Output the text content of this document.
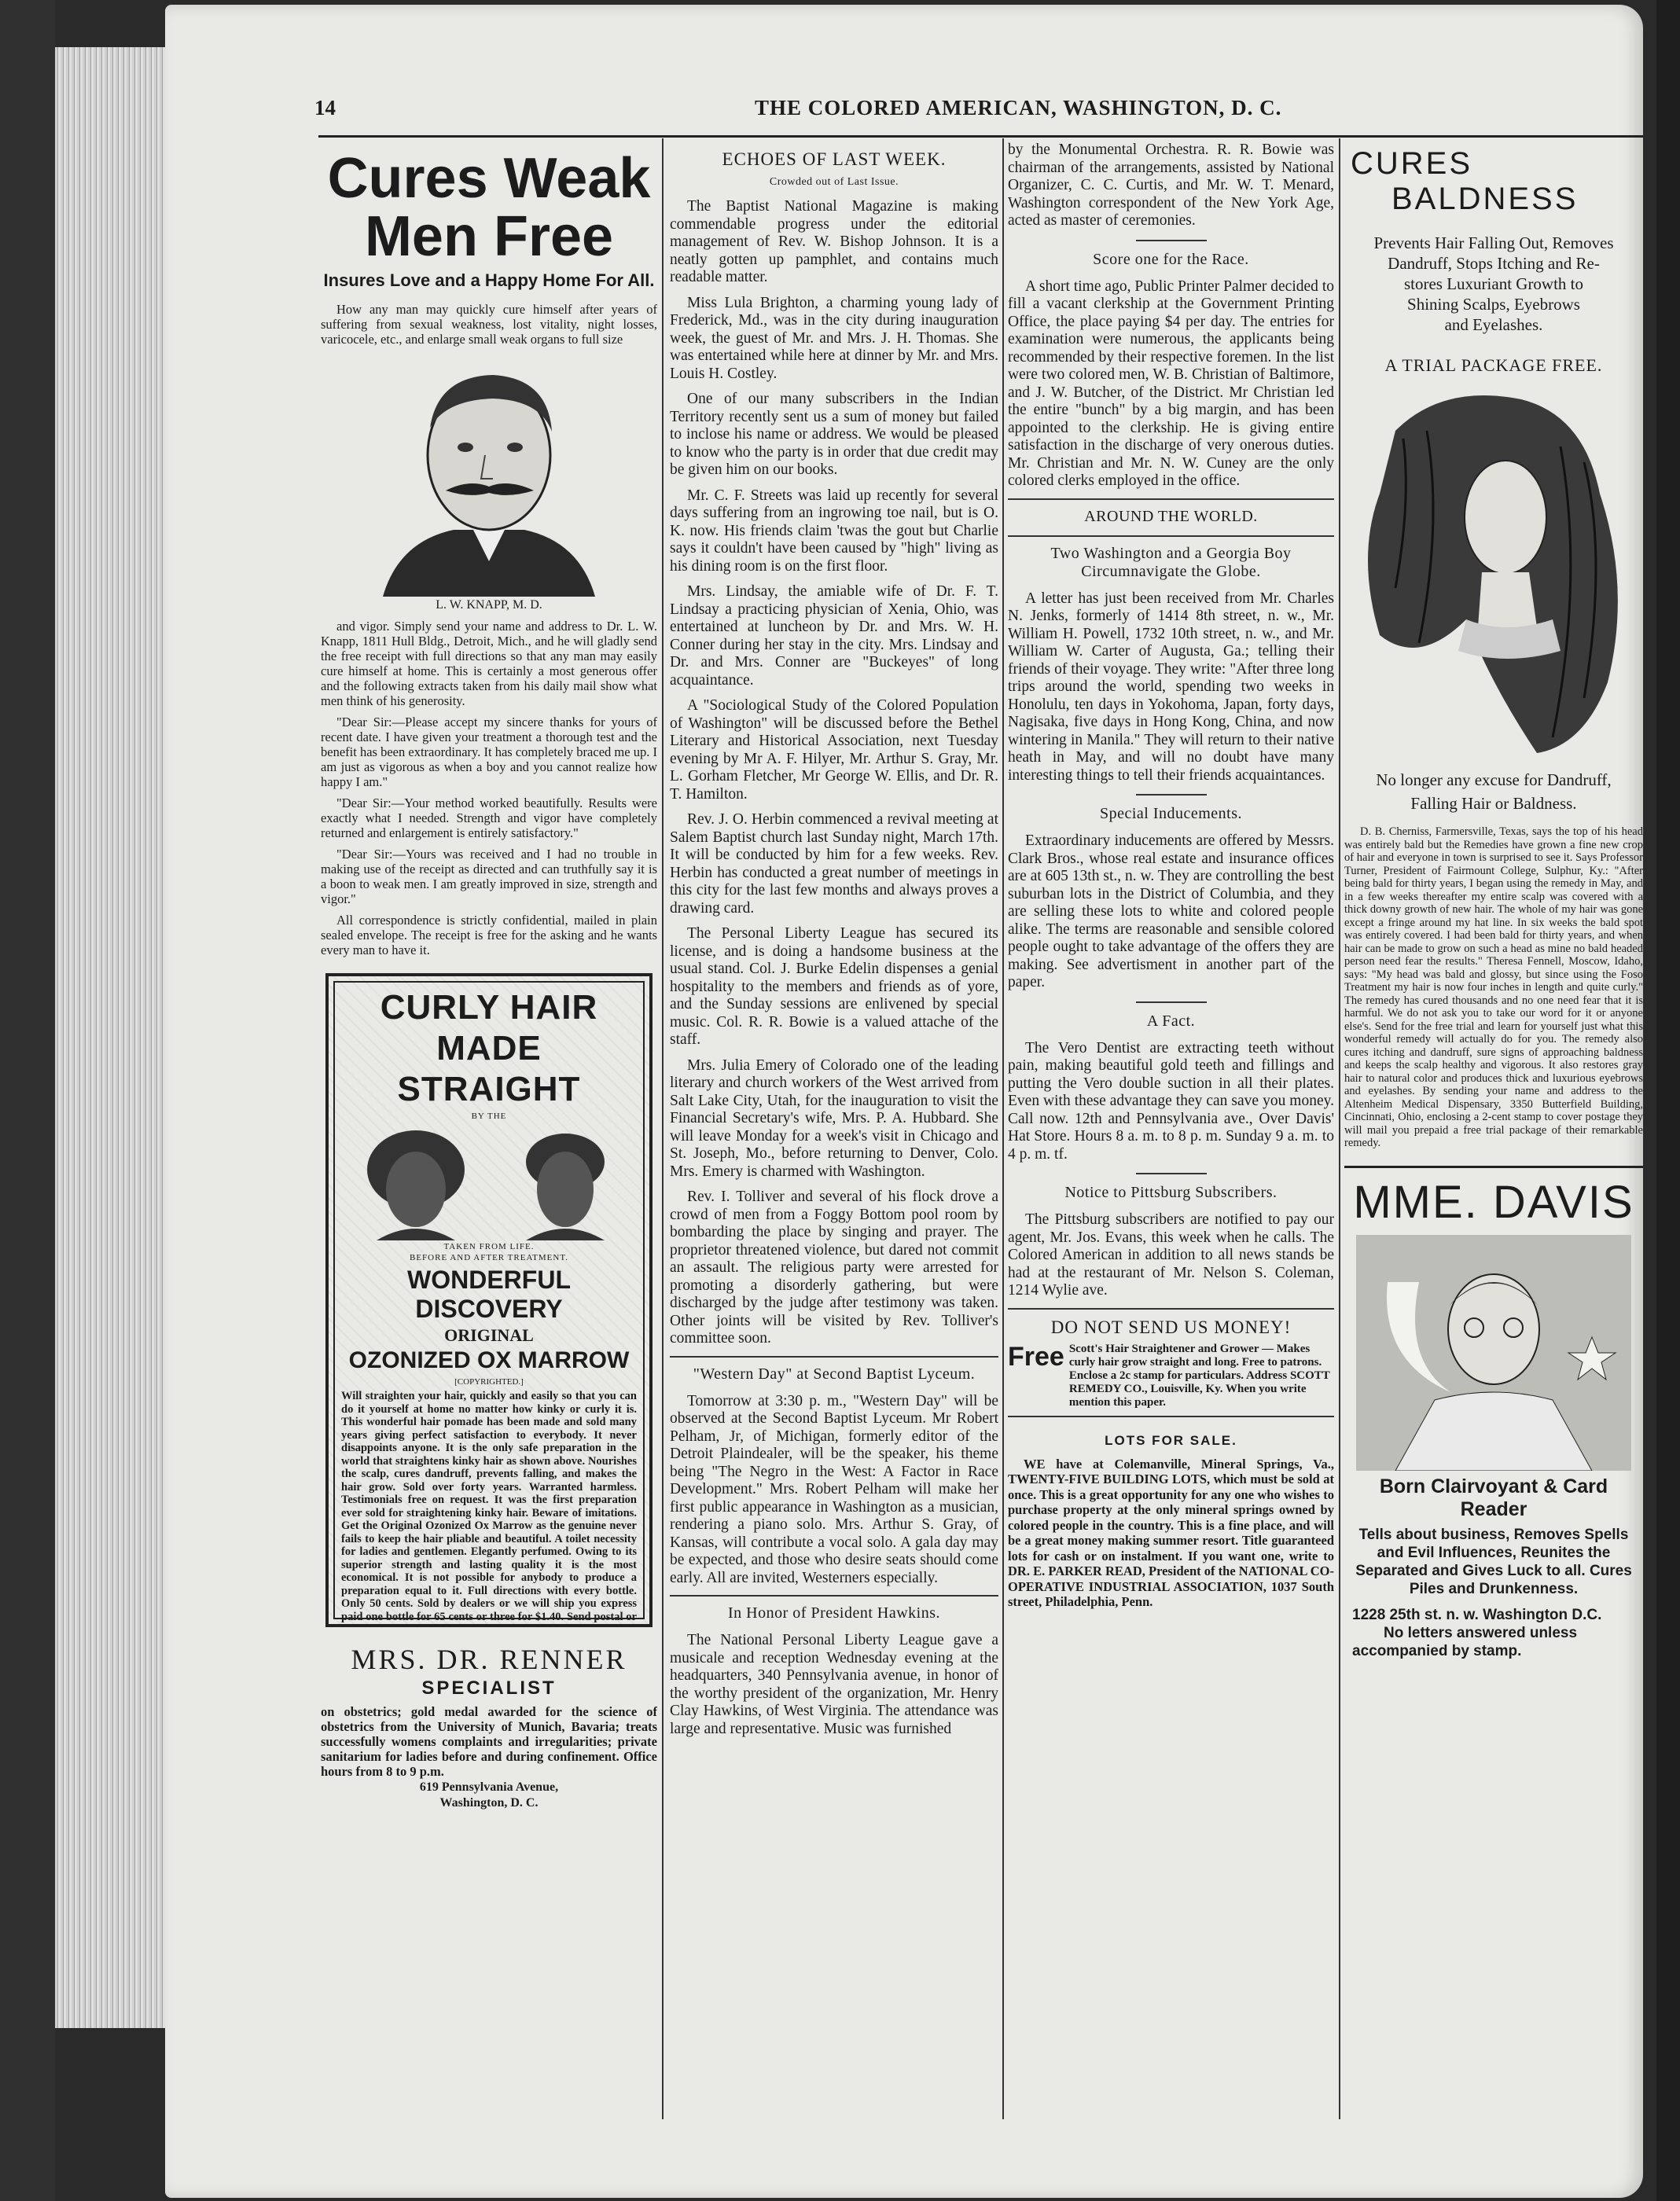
14	THE COLORED AMERICAN, WASHINGTON, D. C.
Cures Weak Men Free
Insures Love and a Happy Home For All.

How any man may quickly cure himself after years of suffering from sexual weakness, lost vitality, night losses, varicocele, etc., and enlarge small weak organs to full size

L. W. KNAPP, M. D.

and vigor. Simply send your name and address to Dr. L. W. Knapp, 1811 Hull Bldg., Detroit, Mich., and he will gladly send the free receipt with full directions so that any man may easily cure himself at home. This is certainly a most generous offer and the following extracts taken from his daily mail show what men think of his generosity.

"Dear Sir:—Please accept my sincere thanks for yours of recent date. I have given your treatment a thorough test and the benefit has been extraordinary. It has completely braced me up. I am just as vigorous as when a boy and you cannot realize how happy I am."

"Dear Sir:—Your method worked beautifully. Results were exactly what I needed. Strength and vigor have completely returned and enlargement is entirely satisfactory."

"Dear Sir:—Yours was received and I had no trouble in making use of the receipt as directed and can truthfully say it is a boon to weak men. I am greatly improved in size, strength and vigor."

All correspondence is strictly confidential, mailed in plain sealed envelope. The receipt is free for the asking and he wants every man to have it.

CURLY HAIR

MADE STRAIGHT

BY THE

TAKEN FROM LIFE.

BEFORE AND AFTER TREATMENT.

WONDERFUL DISCOVERY

ORIGINAL

OZONIZED OX MARROW

[COPYRIGHTED.]

Will straighten your hair, quickly and easily so that you can do it yourself at home no matter how kinky or curly it is. This wonderful hair pomade has been made and sold many years giving perfect satisfaction to everybody. It never disappoints anyone. It is the only safe preparation in the world that straightens kinky hair as shown above. Nourishes the scalp, cures dandruff, prevents falling, and makes the hair grow. Sold over forty years. Warranted harmless. Testimonials free on request. It was the first preparation ever sold for straightening kinky hair. Beware of imitations. Get the Original Ozonized Ox Marrow as the genuine never fails to keep the hair pliable and beautiful. A toilet necessity for ladies and gentlemen. Elegantly perfumed. Owing to its superior strength and lasting quality it is the most economical. It is not possible for anybody to produce a preparation equal to it. Full directions with every bottle. Only 50 cents. Sold by dealers or we will ship you express paid one bottle for 65 cents or three for $1.40. Send postal or

MRS. DR. RENNER
SPECIALIST

on obstetrics; gold medal awarded for the science of obstetrics from the University of Munich, Bavaria; treats successfully womens complaints and irregularities; private sanitarium for ladies before and during confinement. Office hours from 8 to 9 p.m.

619 Pennsylvania Avenue,

Washington, D. C.

ECHOES OF LAST WEEK.
Crowded out of Last Issue.

The Baptist National Magazine is making commendable progress under the editorial management of Rev. W. Bishop Johnson. It is a neatly gotten up pamphlet, and contains much readable matter.

Miss Lula Brighton, a charming young lady of Frederick, Md., was in the city during inauguration week, the guest of Mr. and Mrs. J. H. Thomas. She was entertained while here at dinner by Mr. and Mrs. Louis H. Costley.

One of our many subscribers in the Indian Territory recently sent us a sum of money but failed to inclose his name or address. We would be pleased to know who the party is in order that due credit may be given him on our books.

Mr. C. F. Streets was laid up recently for several days suffering from an ingrowing toe nail, but is O. K. now. His friends claim 'twas the gout but Charlie says it couldn't have been caused by "high" living as his dining room is on the first floor.

Mrs. Lindsay, the amiable wife of Dr. F. T. Lindsay a practicing physician of Xenia, Ohio, was entertained at luncheon by Dr. and Mrs. W. H. Conner during her stay in the city. Mrs. Lindsay and Dr. and Mrs. Conner are "Buckeyes" of long acquaintance.

A "Sociological Study of the Colored Population of Washington" will be discussed before the Bethel Literary and Historical Association, next Tuesday evening by Mr A. F. Hilyer, Mr. Arthur S. Gray, Mr. L. Gorham Fletcher, Mr George W. Ellis, and Dr. R. T. Hamilton.

Rev. J. O. Herbin commenced a revival meeting at Salem Baptist church last Sunday night, March 17th. It will be conducted by him for a few weeks. Rev. Herbin has conducted a great number of meetings in this city for the last few months and always proves a drawing card.

The Personal Liberty League has secured its license, and is doing a handsome business at the usual stand. Col. J. Burke Edelin dispenses a genial hospitality to the members and friends as of yore, and the Sunday sessions are enlivened by special music. Col. R. R. Bowie is a valued attache of the staff.

Mrs. Julia Emery of Colorado one of the leading literary and church workers of the West arrived from Salt Lake City, Utah, for the inauguration to visit the Financial Secretary's wife, Mrs. P. A. Hubbard. She will leave Monday for a week's visit in Chicago and St. Joseph, Mo., before returning to Denver, Colo. Mrs. Emery is charmed with Washington.

Rev. I. Tolliver and several of his flock drove a crowd of men from a Foggy Bottom pool room by bombarding the place by singing and prayer. The proprietor threatened violence, but dared not commit an assault. The religious party were arrested for promoting a disorderly gathering, but were discharged by the judge after testimony was taken. Other joints will be visited by Rev. Tolliver's committee soon.

"Western Day" at Second Baptist Lyceum.

Tomorrow at 3:30 p. m., "Western Day" will be observed at the Second Baptist Lyceum. Mr Robert Pelham, Jr, of Michigan, formerly editor of the Detroit Plaindealer, will be the speaker, his theme being "The Negro in the West: A Factor in Race Development." Mrs. Robert Pelham will make her first public appearance in Washington as a musician, rendering a piano solo. Mrs. Arthur S. Gray, of Kansas, will contribute a vocal solo. A gala day may be expected, and those who desire seats should come early. All are invited, Westerners especially.

In Honor of President Hawkins.

The National Personal Liberty League gave a musicale and reception Wednesday evening at the headquarters, 340 Pennsylvania avenue, in honor of the worthy president of the organization, Mr. Henry Clay Hawkins, of West Virginia. The attendance was large and representative. Music was furnished

by the Monumental Orchestra. R. R. Bowie was chairman of the arrangements, assisted by National Organizer, C. C. Curtis, and Mr. W. T. Menard, Washington correspondent of the New York Age, acted as master of ceremonies.

Score one for the Race.

A short time ago, Public Printer Palmer decided to fill a vacant clerkship at the Government Printing Office, the place paying $4 per day. The entries for examination were numerous, the applicants being recommended by their respective foremen. In the list were two colored men, W. B. Christian of Baltimore, and J. W. Butcher, of the District. Mr Christian led the entire "bunch" by a big margin, and has been appointed to the clerkship. He is giving entire satisfaction in the discharge of very onerous duties. Mr. Christian and Mr. N. W. Cuney are the only colored clerks employed in the office.

AROUND THE WORLD.
Two Washington and a Georgia Boy Circumnavigate the Globe.

A letter has just been received from Mr. Charles N. Jenks, formerly of 1414 8th street, n. w., Mr. William H. Powell, 1732 10th street, n. w., and Mr. William W. Carter of Augusta, Ga.; telling their friends of their voyage. They write: "After three long trips around the world, spending two weeks in Honolulu, ten days in Yokohoma, Japan, forty days, Nagisaka, five days in Hong Kong, China, and now wintering in Manila." They will return to their native heath in May, and will no doubt have many interesting things to tell their friends acquaintances.

Special Inducements.

Extraordinary inducements are offered by Messrs. Clark Bros., whose real estate and insurance offices are at 605 13th st., n. w. They are controlling the best suburban lots in the District of Columbia, and they are selling these lots to white and colored people alike. The terms are reasonable and sensible colored people ought to take advantage of the offers they are making. See advertisment in another part of the paper.

A Fact.

The Vero Dentist are extracting teeth without pain, making beautiful gold teeth and fillings and putting the Vero double suction in all their plates. Even with these advantage they can save you money. Call now. 12th and Pennsylvania ave., Over Davis' Hat Store. Hours 8 a. m. to 8 p. m. Sunday 9 a. m. to 4 p. m. tf.

Notice to Pittsburg Subscribers.

The Pittsburg subscribers are notified to pay our agent, Mr. Jos. Evans, this week when he calls. The Colored American in addition to all news stands be had at the restaurant of Mr. Nelson S. Coleman, 1214 Wylie ave.

DO NOT SEND US MONEY!
Free Scott's Hair Straightener and Grower — Makes curly hair grow straight and long. Free to patrons. Enclose a 2c stamp for particulars. Address SCOTT REMEDY CO., Louisville, Ky. When you write mention this paper.
LOTS FOR SALE.

WE have at Colemanville, Mineral Springs, Va., TWENTY-FIVE BUILDING LOTS, which must be sold at once. This is a great opportunity for any one who wishes to purchase property at the only mineral springs owned by colored people in the country. This is a fine place, and will be a great money making summer resort. Title guaranteed lots for cash or on instalment. If you want one, write to DR. E. PARKER READ, President of the NATIONAL CO-OPERATIVE INDUSTRIAL ASSOCIATION, 1037 South street, Philadelphia, Penn.

CURES
BALDNESS

Prevents Hair Falling Out, Removes

Dandruff, Stops Itching and Re-

stores Luxuriant Growth to

Shining Scalps, Eyebrows

and Eyelashes.

A TRIAL PACKAGE FREE.
No longer any excuse for Dandruff,
Falling Hair or Baldness.

D. B. Cherniss, Farmersville, Texas, says the top of his head was entirely bald but the Remedies have grown a fine new crop of hair and everyone in town is surprised to see it. Says Professor Turner, President of Fairmount College, Sulphur, Ky.: "After being bald for thirty years, I began using the remedy in May, and in a few weeks thereafter my entire scalp was covered with a thick downy growth of new hair. The whole of my hair was gone except a fringe around my hat line. In six weeks the bald spot was entirely covered. I had been bald for thirty years, and when hair can be made to grow on such a head as mine no bald headed person need fear the results." Theresa Fennell, Moscow, Idaho, says: "My head was bald and glossy, but since using the Foso Treatment my hair is now four inches in length and quite curly." The remedy has cured thousands and no one need fear that it is harmful. We do not ask you to take our word for it or anyone else's. Send for the free trial and learn for yourself just what this wonderful remedy will actually do for you. The remedy also cures itching and dandruff, sure signs of approaching baldness and keeps the scalp healthy and vigorous. It also restores gray hair to natural color and produces thick and luxurious eyebrows and eyelashes. By sending your name and address to the Altenheim Medical Dispensary, 3350 Butterfield Building, Cincinnati, Ohio, enclosing a 2-cent stamp to cover postage they will mail you prepaid a free trial package of their remarkable remedy.

MME. DAVIS
Born Clairvoyant & Card Reader

Tells about business, Removes Spells and Evil Influences, Reunites the Separated and Gives Luck to all. Cures Piles and Drunkenness.

1228 25th st. n. w. Washington D.C.

No letters answered unless accompanied by stamp.
